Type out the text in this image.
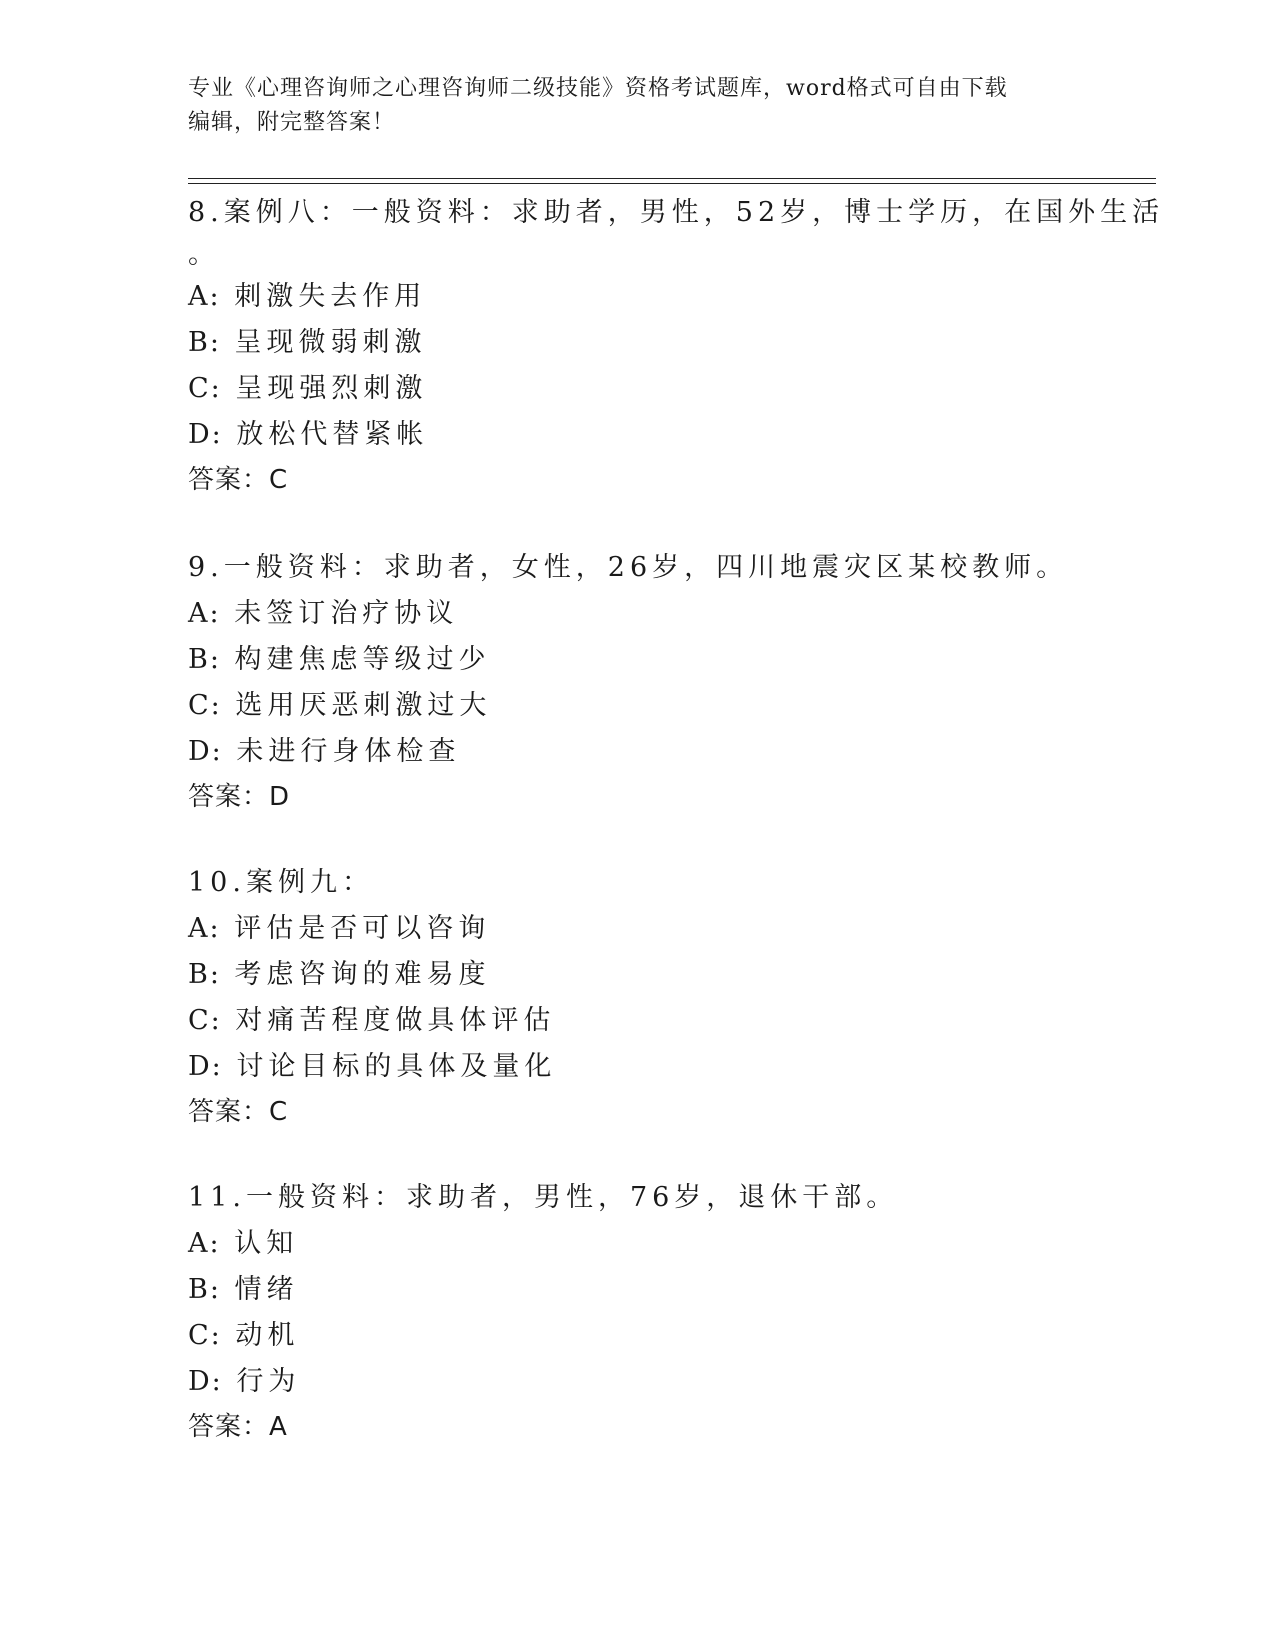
专业《心理咨询师之心理咨询师二级技能》资格考试题库，word格式可自由下载
编辑，附完整答案！
8.案例八：一般资料：求助者，男性，52岁，博士学历，在国外生活
。
A: 刺激失去作用
B: 呈现微弱刺激
C: 呈现强烈刺激
D: 放松代替紧帐
答案：C
9.一般资料：求助者，女性，26岁，四川地震灾区某校教师。
A: 未签订治疗协议
B: 构建焦虑等级过少
C: 选用厌恶刺激过大
D: 未进行身体检查
答案：D
10.案例九：
A: 评估是否可以咨询
B: 考虑咨询的难易度
C: 对痛苦程度做具体评估
D: 讨论目标的具体及量化
答案：C
11.一般资料：求助者，男性，76岁，退休干部。
A: 认知
B: 情绪
C: 动机
D: 行为
答案：A
